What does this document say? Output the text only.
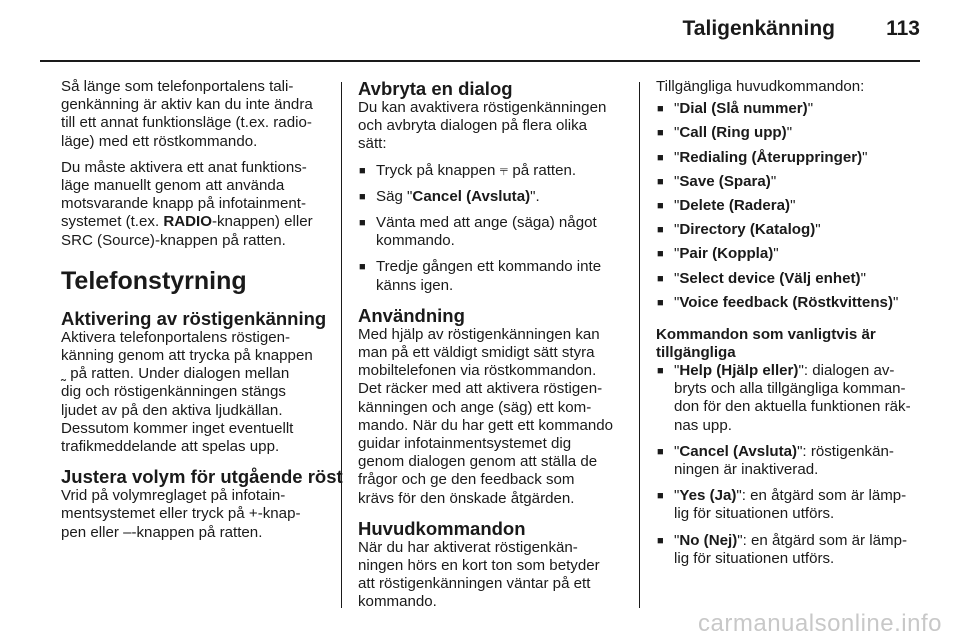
Taligenkänning 113

Så länge som telefonportalens tali-
genkänning är aktiv kan du inte ändra
till ett annat funktionsläge (t.ex. radio-
läge) med ett röstkommando.

Du måste aktivera ett anat funktions-
läge manuellt genom att använda
motsvarande knapp på infotainment-
systemet (t.ex. RADIO-knappen) eller
SRC (Source)-knappen på ratten.

Telefonstyrning
Aktivering av röstigenkänning

Aktivera telefonportalens röstigen-
känning genom att trycka på knappen
˷ på ratten. Under dialogen mellan
dig och röstigenkänningen stängs
ljudet av på den aktiva ljudkällan.
Dessutom kommer inget eventuellt
trafikmeddelande att spelas upp.

Justera volym för utgående röst

Vrid på volymreglaget på infotain-
mentsystemet eller tryck på +-knap-
pen eller –-knappen på ratten.

Avbryta en dialog

Du kan avaktivera röstigenkänningen
och avbryta dialogen på flera olika
sätt:

■ Tryck på knappen ⫧ på ratten.
■ Säg "Cancel (Avsluta)".
■ Vänta med att ange (säga) något
kommando.
■ Tredje gången ett kommando inte
känns igen.
Användning

Med hjälp av röstigenkänningen kan
man på ett väldigt smidigt sätt styra
mobiltelefonen via röstkommandon.
Det räcker med att aktivera röstigen-
känningen och ange (säg) ett kom-
mando. När du har gett ett kommando
guidar infotainmentsystemet dig
genom dialogen genom att ställa de
frågor och ge den feedback som
krävs för den önskade åtgärden.

Huvudkommandon

När du har aktiverat röstigenkän-
ningen hörs en kort ton som betyder
att röstigenkänningen väntar på ett
kommando.

Tillgängliga huvudkommandon:
■ "Dial (Slå nummer)"
■ "Call (Ring upp)"
■ "Redialing (Återuppringer)"
■ "Save (Spara)"
■ "Delete (Radera)"
■ "Directory (Katalog)"
■ "Pair (Koppla)"
■ "Select device (Välj enhet)"
■ "Voice feedback (Röstkvittens)"
Kommandon som vanligtvis är
tillgängliga
■ "Help (Hjälp eller)": dialogen av-
bryts och alla tillgängliga komman-
don för den aktuella funktionen räk-
nas upp.
■ "Cancel (Avsluta)": röstigenkän-
ningen är inaktiverad.
■ "Yes (Ja)": en åtgärd som är lämp-
lig för situationen utförs.
■ "No (Nej)": en åtgärd som är lämp-
lig för situationen utförs.
carmanualsonline.info
